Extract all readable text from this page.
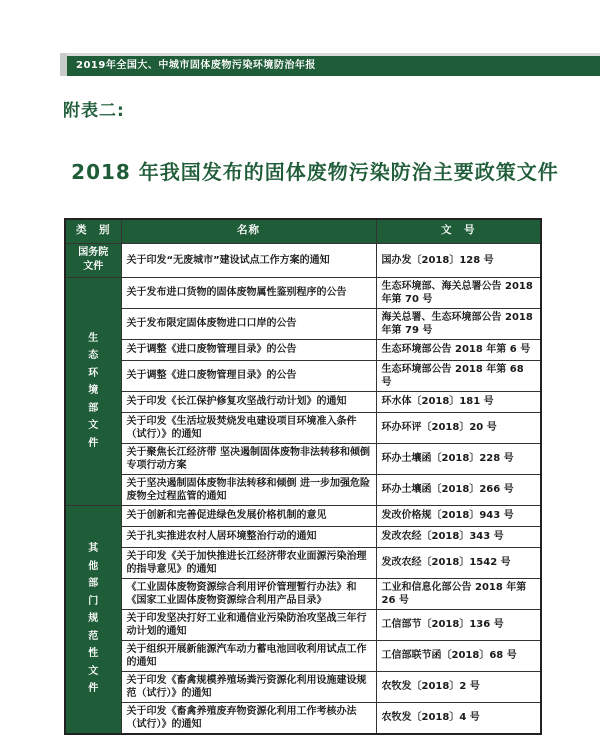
2019年全国大、中城市固体废物污染环境防治年报
附表二:
2018 年我国发布的固体废物污染防治主要政策文件
类　别	名称	文　号

国务院文件	关于印发“无废城市”建设试点工作方案的通知	国办发〔2018〕128 号

生态环境部文件	关于发布进口货物的固体废物属性鉴别程序的公告	生态环境部、海关总署公告 2018 年第 70 号
	关于发布限定固体废物进口口岸的公告	海关总署、生态环境部公告 2018 年第 79 号
	关于调整《进口废物管理目录》的公告	生态环境部公告 2018 年第 6 号
	关于调整《进口废物管理目录》的公告	生态环境部公告 2018 年第 68 号
	关于印发《长江保护修复攻坚战行动计划》的通知	环水体〔2018〕181 号
	关于印发《生活垃圾焚烧发电建设项目环境准入条件（试行）》的通知	环办环评〔2018〕20 号
	关于聚焦长江经济带 坚决遏制固体废物非法转移和倾倒专项行动方案	环办土壤函〔2018〕228 号
	关于坚决遏制固体废物非法转移和倾倒 进一步加强危险废物全过程监管的通知	环办土壤函〔2018〕266 号

其他部门规范性文件	关于创新和完善促进绿色发展价格机制的意见	发改价格规〔2018〕943 号
	关于扎实推进农村人居环境整治行动的通知	发改农经〔2018〕343 号
	关于印发《关于加快推进长江经济带农业面源污染治理的指导意见》的通知	发改农经〔2018〕1542 号
	《工业固体废物资源综合利用评价管理暂行办法》和《国家工业固体废物资源综合利用产品目录》	工业和信息化部公告 2018 年第 26 号
	关于印发坚决打好工业和通信业污染防治攻坚战三年行动计划的通知	工信部节〔2018〕136 号
	关于组织开展新能源汽车动力蓄电池回收利用试点工作的通知	工信部联节函〔2018〕68 号
	关于印发《畜禽规模养殖场粪污资源化利用设施建设规范（试行）》的通知	农牧发〔2018〕2 号
	关于印发《畜禽养殖废弃物资源化利用工作考核办法（试行）》的通知	农牧发〔2018〕4 号
